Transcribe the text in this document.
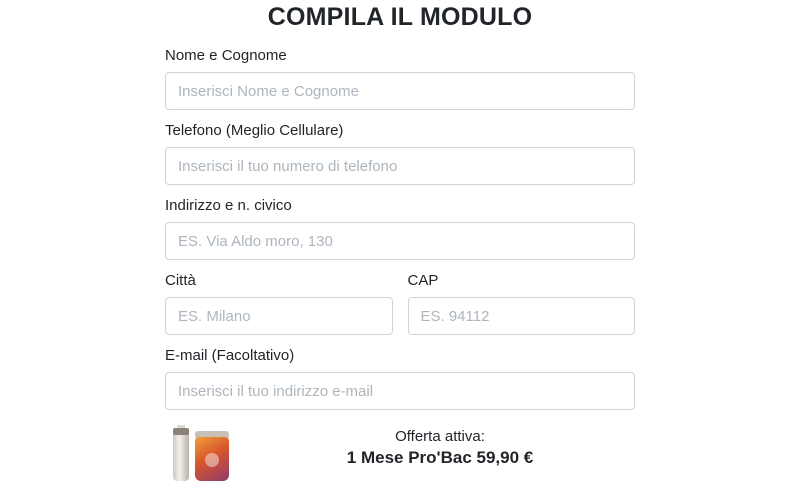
COMPILA IL MODULO
Nome e Cognome
Inserisci Nome e Cognome
Telefono (Meglio Cellulare)
Inserisci il tuo numero di telefono
Indirizzo e n. civico
ES. Via Aldo moro, 130
Città
ES. Milano	CAP
ES. 94112
E-mail (Facoltativo)
Inserisci il tuo indirizzo e-mail
Offerta attiva:
1 Mese Pro'Bac 59,90 €
